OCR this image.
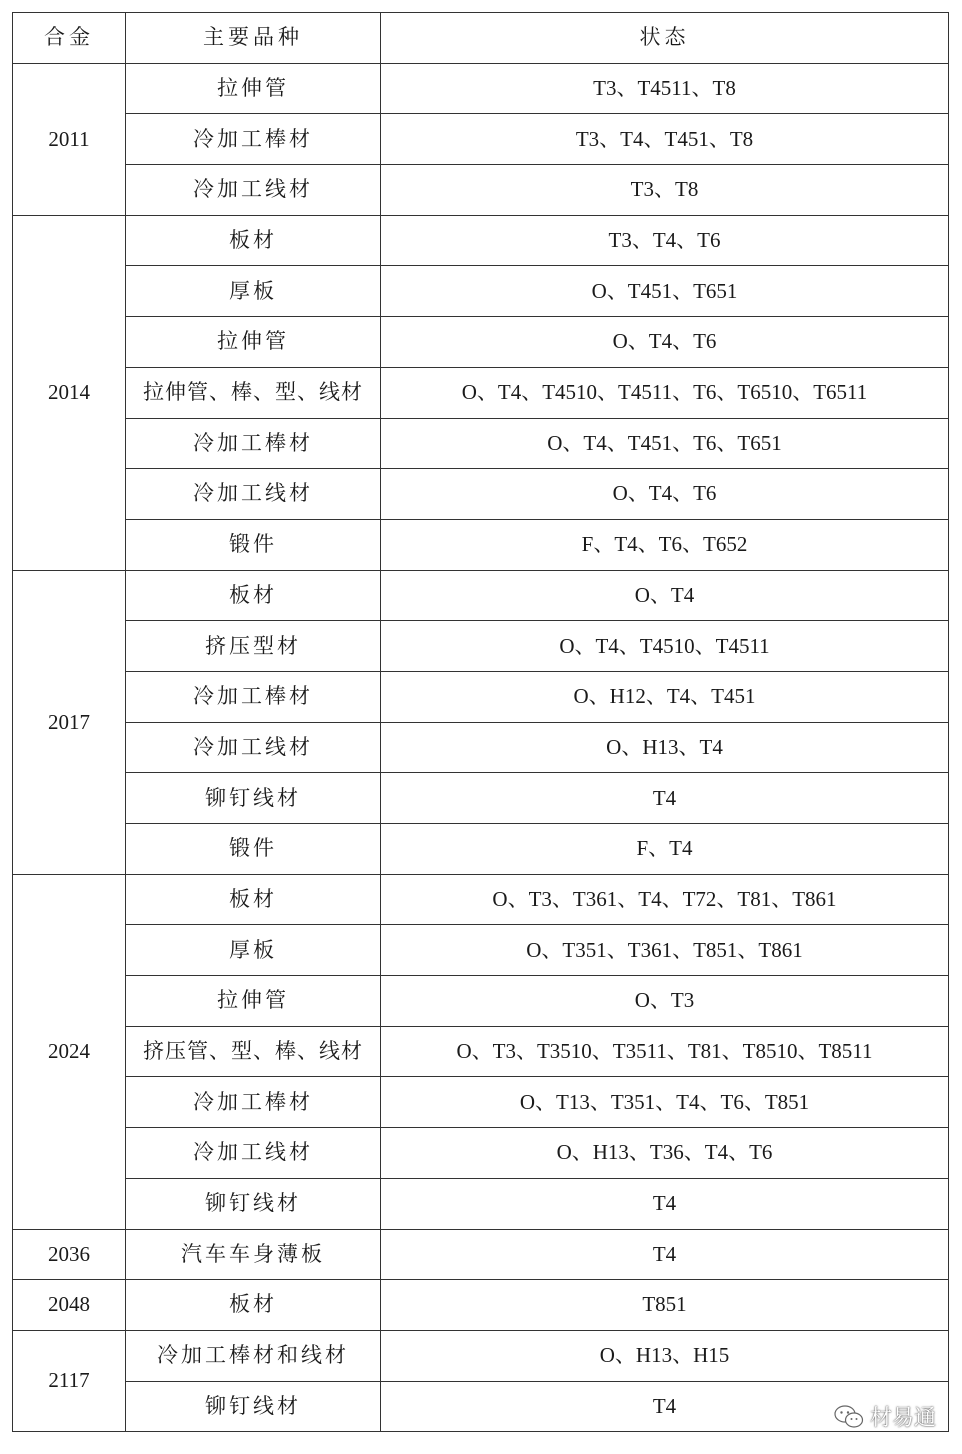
合金	主要品种	状态
2011	拉伸管	T3、T4511、T8
	冷加工棒材	T3、T4、T451、T8
	冷加工线材	T3、T8
2014	板材	T3、T4、T6
	厚板	O、T451、T651
	拉伸管	O、T4、T6
	拉伸管、棒、型、线材	O、T4、T4510、T4511、T6、T6510、T6511
	冷加工棒材	O、T4、T451、T6、T651
	冷加工线材	O、T4、T6
	锻件	F、T4、T6、T652
2017	板材	O、T4
	挤压型材	O、T4、T4510、T4511
	冷加工棒材	O、H12、T4、T451
	冷加工线材	O、H13、T4
	铆钉线材	T4
	锻件	F、T4
2024	板材	O、T3、T361、T4、T72、T81、T861
	厚板	O、T351、T361、T851、T861
	拉伸管	O、T3
	挤压管、型、棒、线材	O、T3、T3510、T3511、T81、T8510、T8511
	冷加工棒材	O、T13、T351、T4、T6、T851
	冷加工线材	O、H13、T36、T4、T6
	铆钉线材	T4
2036	汽车车身薄板	T4
2048	板材	T851
2117	冷加工棒材和线材	O、H13、H15
	铆钉线材	T4
材易通
